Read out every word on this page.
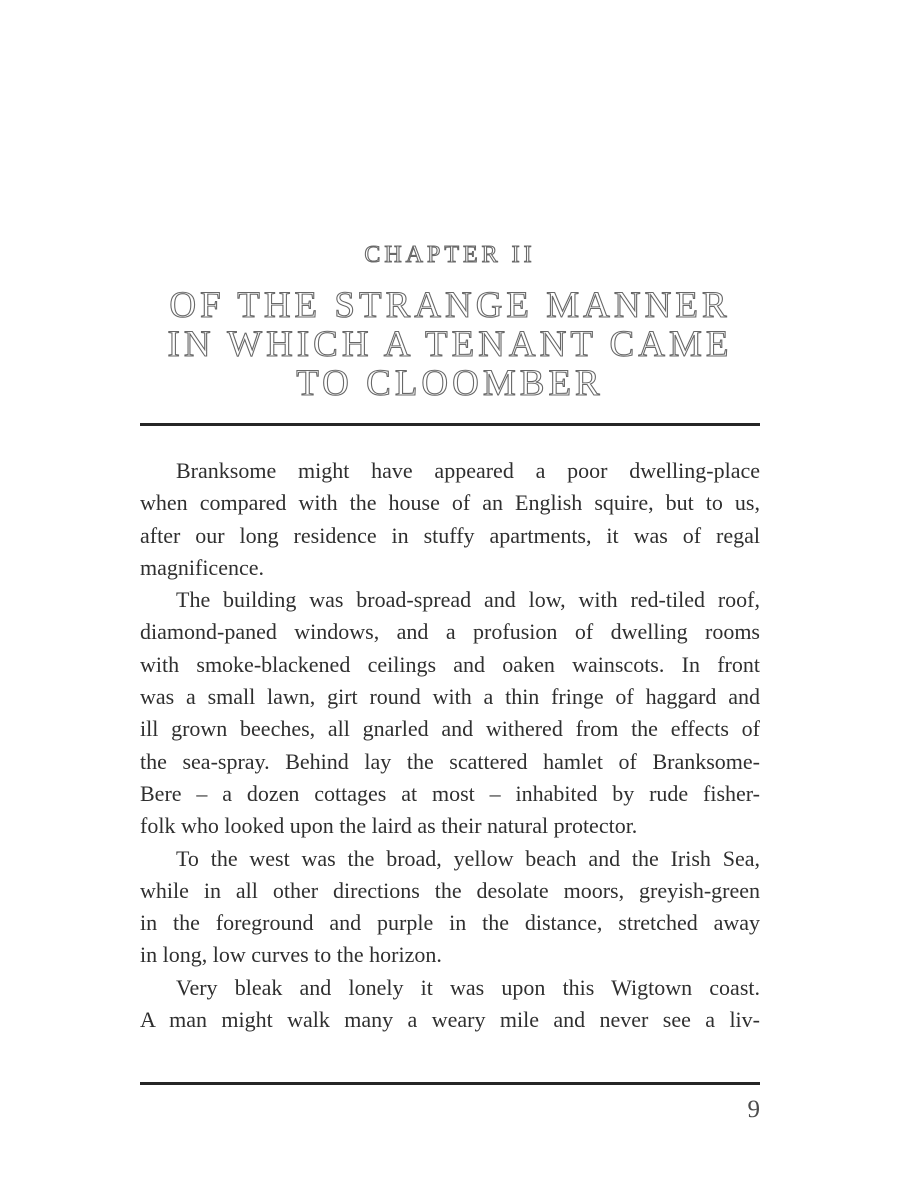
CHAPTER II
OF THE STRANGE MANNER
IN WHICH A TENANT CAME
TO CLOOMBER
Branksome might have appeared a poor dwelling-place
when compared with the house of an English squire, but to us,
after our long residence in stuffy apartments, it was of regal
magnificence.
The building was broad-spread and low, with red-tiled roof,
diamond-paned windows, and a profusion of dwelling rooms
with smoke-blackened ceilings and oaken wainscots. In front
was a small lawn, girt round with a thin fringe of haggard and
ill grown beeches, all gnarled and withered from the effects of
the sea-spray. Behind lay the scattered hamlet of Branksome-
Bere – a dozen cottages at most – inhabited by rude fisher-
folk who looked upon the laird as their natural protector.
To the west was the broad, yellow beach and the Irish Sea,
while in all other directions the desolate moors, greyish-green
in the foreground and purple in the distance, stretched away
in long, low curves to the horizon.
Very bleak and lonely it was upon this Wigtown coast.
A man might walk many a weary mile and never see a liv-
9
